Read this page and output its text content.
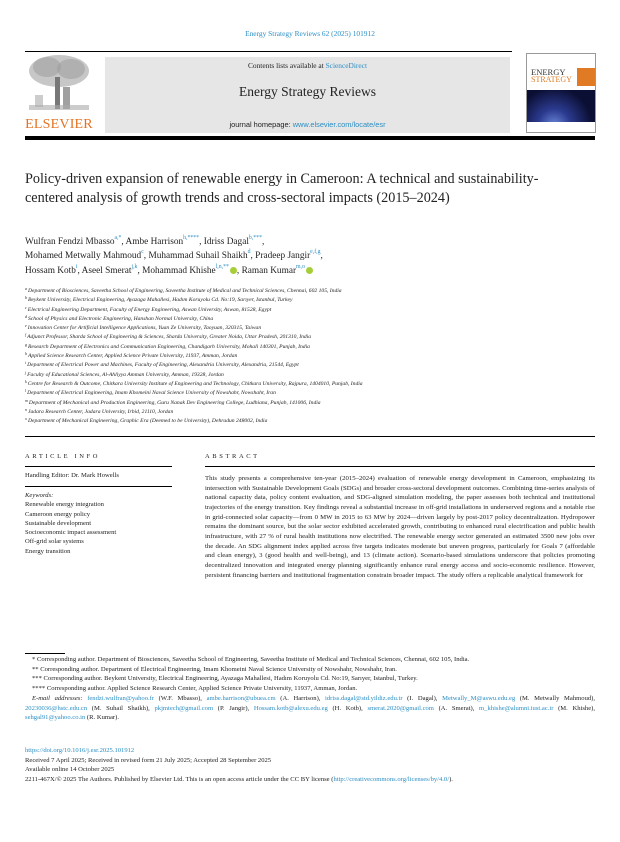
Energy Strategy Reviews 62 (2025) 101912
ELSEVIER
Contents lists available at ScienceDirect
Energy Strategy Reviews
journal homepage: www.elsevier.com/locate/esr
ENERGY
STRATEGY
Policy-driven expansion of renewable energy in Cameroon: A technical and sustainability-centered analysis of growth trends and cross-sectoral impacts (2015–2024)
Wulfran Fendzi Mbasso$^{a,*}$, Ambe Harrison$^{h,****}$, Idriss Dagal$^{b,***}$,
Mohamed Metwally Mahmoud$^c$, Muhammad Suhail Shaikh$^d$, Pradeep Jangir$^{e,f,g}$,
Hossam Kotb$^i$, Aseel Smerat$^{j,k}$, Mohammad Khishe$^{l,n,**}$ , Raman Kumar$^{m,o}$
$^a$Department of Biosciences, Saveetha School of Engineering, Saveetha Institute of Medical and Technical Sciences, Chennai, 602 105, India
$^b$Beykent University, Electrical Engineering, Ayazaga Mahallesi, Hadım Koruyolu Cd. No:19, Sarıyer, Istanbul, Turkey
$^c$Electrical Engineering Department, Faculty of Energy Engineering, Aswan University, Aswan, 81528, Egypt
$^d$School of Physics and Electronic Engineering, Hanshan Normal University, China
$^e$Innovation Center for Artificial Intelligence Applications, Yuan Ze University, Taoyuan, 320315, Taiwan
$^f$Adjunct Professor, Sharda School of Engineering & Sciences, Sharda University, Greater Noida, Uttar Pradesh, 201310, India
$^g$Research Department of Electronics and Communication Engineering, Chandigarh University, Mohali 140301, Punjab, India
$^h$Applied Science Research Center, Applied Science Private University, 11937, Amman, Jordan
$^i$Department of Electrical Power and Machines, Faculty of Engineering, Alexandria University, Alexandria, 21544, Egypt
$^j$Faculty of Educational Sciences, Al-Ahliyya Amman University, Amman, 19328, Jordan
$^k$Centre for Research & Outcome, Chitkara University Institute of Engineering and Technology, Chitkara University, Rajpura, 1404010, Punjab, India
$^l$Department of Electrical Engineering, Imam Khomeini Naval Science University of Nowshahr, Nowshahr, Iran
$^m$Department of Mechanical and Production Engineering, Guru Nanak Dev Engineering College, Ludhiana, Punjab, 141006, India
$^n$Jadara Research Center, Jadara University, Irbid, 21110, Jordan
$^o$Department of Mechanical Engineering, Graphic Era (Deemed to be University), Dehradun 248002, India
ARTICLE INFO
Handling Editor: Dr. Mark Howells
Keywords:
Renewable energy integration
Cameroon energy policy
Sustainable development
Socioeconomic impact assessment
Off-grid solar systems
Energy transition
ABSTRACT
This study presents a comprehensive ten-year (2015–2024) evaluation of renewable energy development in Cameroon, emphasizing its intersection with Sustainable Development Goals (SDGs) and broader cross-sectoral development outcomes. Combining time-series analysis of national capacity data, policy content evaluation, and SDG-aligned simulation modeling, the paper assesses both technical and institutional trajectories of the energy transition. Key findings reveal a substantial increase in off-grid installations in underserved regions and a notable rise in grid-connected solar capacity—from 0 MW in 2015 to 63 MW by 2024—driven largely by post-2017 policy decentralization. Hydropower remains the dominant source, but the solar sector exhibited accelerated growth, contributing to enhanced rural electrification and public health infrastructure, with 27 % of rural health institutions now electrified. The renewable energy sector generated an estimated 3500 new jobs over the decade. An SDG alignment index applied across five targets indicates moderate but uneven progress, particularly for Goals 7 (affordable and clean energy), 3 (good health and well-being), and 13 (climate action). Scenario-based simulations underscore that policies promoting decentralized innovation and integrated energy planning significantly enhance rural energy access and socio-economic resilience. However, persistent financing barriers and institutional fragmentation constrain broader impact. The study offers a replicable analytical framework for

* Corresponding author. Department of Biosciences, Saveetha School of Engineering, Saveetha Institute of Medical and Technical Sciences, Chennai, 602 105, India.

** Corresponding author. Department of Electrical Engineering, Imam Khomeini Naval Science University of Nowshahr, Nowshahr, Iran.

*** Corresponding author. Beykent University, Electrical Engineering, Ayazaga Mahallesi, Hadım Koruyolu Cd. No:19, Sarıyer, Istanbul, Turkey.

**** Corresponding author. Applied Science Research Center, Applied Science Private University, 11937, Amman, Jordan.

E-mail addresses: fendzi.wulfran@yahoo.fr (W.F. Mbasso), ambe.harrison@ubuea.cm (A. Harrison), idriss.dagal@std.yildiz.edu.tr (I. Dagal), Metwally_M@aswu.edu.eg (M. Metwally Mahmoud), 20230036@hstc.edu.cn (M. Suhail Shaikh), pkjmtech@gmail.com (P. Jangir), Hossam.kotb@alexu.edu.eg (H. Kotb), smerat.2020@gmail.com (A. Smerat), m_khishe@alumni.iust.ac.ir (M. Khishe), sehgal91@yahoo.co.in (R. Kumar).

https://doi.org/10.1016/j.esr.2025.101912

Received 7 April 2025; Received in revised form 21 July 2025; Accepted 28 September 2025

Available online 14 October 2025

2211-467X/© 2025 The Authors. Published by Elsevier Ltd. This is an open access article under the CC BY license (http://creativecommons.org/licenses/by/4.0/).
